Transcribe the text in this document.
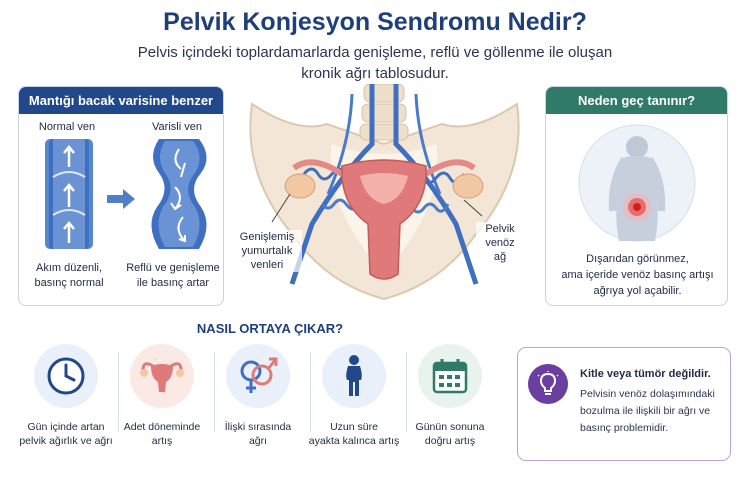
Pelvik Konjesyon Sendromu Nedir?
Pelvis içindeki toplardamarlarda genişleme, reflü ve göllenme ile oluşan
kronik ağrı tablosudur.
Mantığı bacak varisine benzer
Normal ven	Varisli ven
Akım düzenli,
basınç normal
Reflü ve genişleme
ile basınç artar
Genişlemiş
yumurtalık
venleri
Pelvik
venöz
ağ
Neden geç tanınır?
Dışarıdan görünmez,
ama içeride venöz basınç artışı
ağrıya yol açabilir.
NASIL ORTAYA ÇIKAR?
Gün içinde artan
pelvik ağırlık ve ağrı
Adet döneminde
artış
İlişki sırasında
ağrı
Uzun süre
ayakta kalınca artış
Günün sonuna
doğru artış
Kitle veya tümör değildir.
Pelvisin venöz dolaşımındaki bozulma ile ilişkili bir ağrı ve basınç problemidir.
